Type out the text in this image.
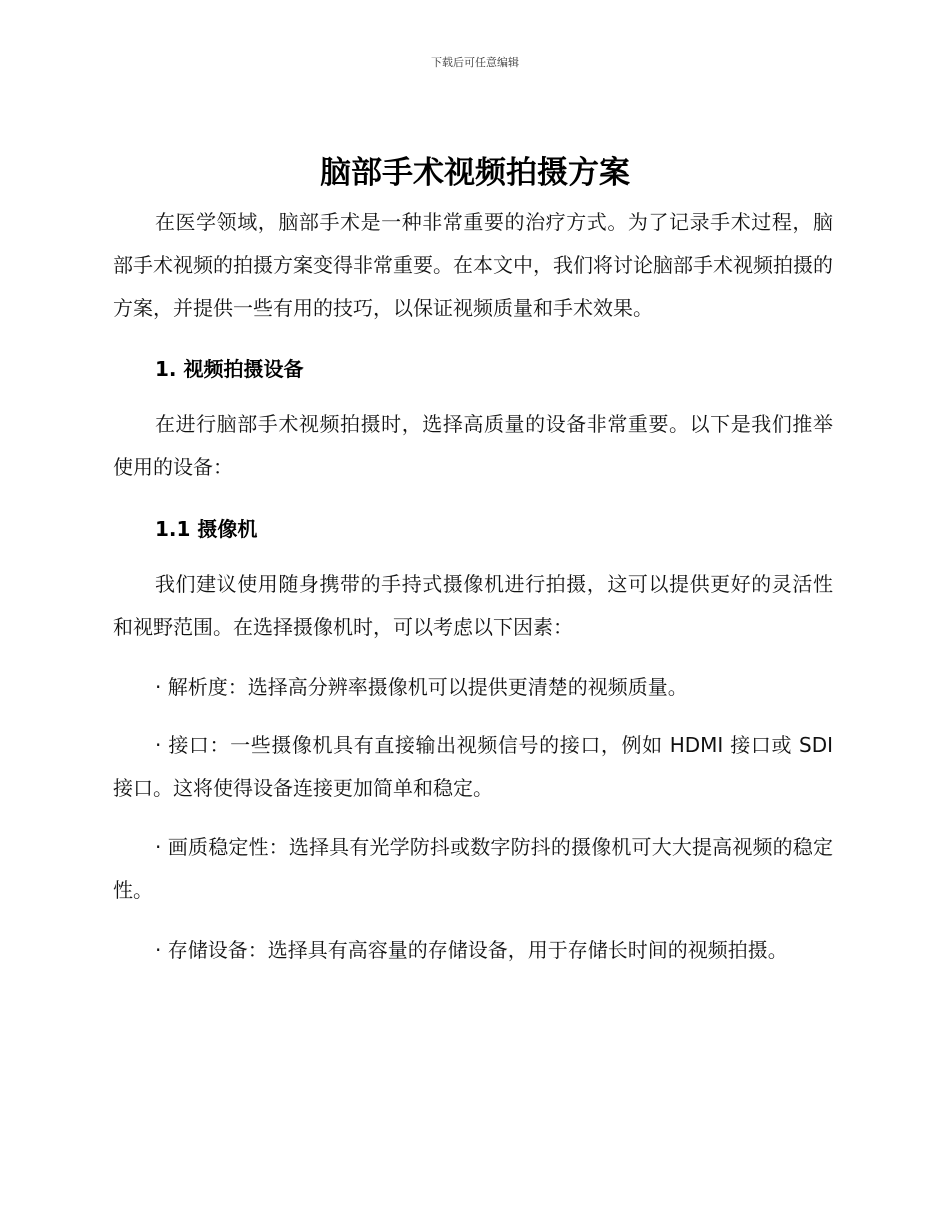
下载后可任意编辑
脑部手术视频拍摄方案

在医学领域，脑部手术是一种非常重要的治疗方式。为了记录手术过程，脑部手术视频的拍摄方案变得非常重要。在本文中，我们将讨论脑部手术视频拍摄的方案，并提供一些有用的技巧，以保证视频质量和手术效果。

1. 视频拍摄设备

在进行脑部手术视频拍摄时，选择高质量的设备非常重要。以下是我们推举使用的设备：

1.1 摄像机

我们建议使用随身携带的手持式摄像机进行拍摄，这可以提供更好的灵活性和视野范围。在选择摄像机时，可以考虑以下因素：

· 解析度：选择高分辨率摄像机可以提供更清楚的视频质量。

· 接口：一些摄像机具有直接输出视频信号的接口，例如 HDMI 接口或 SDI 接口。这将使得设备连接更加简单和稳定。

· 画质稳定性：选择具有光学防抖或数字防抖的摄像机可大大提高视频的稳定性。

· 存储设备：选择具有高容量的存储设备，用于存储长时间的视频拍摄。
